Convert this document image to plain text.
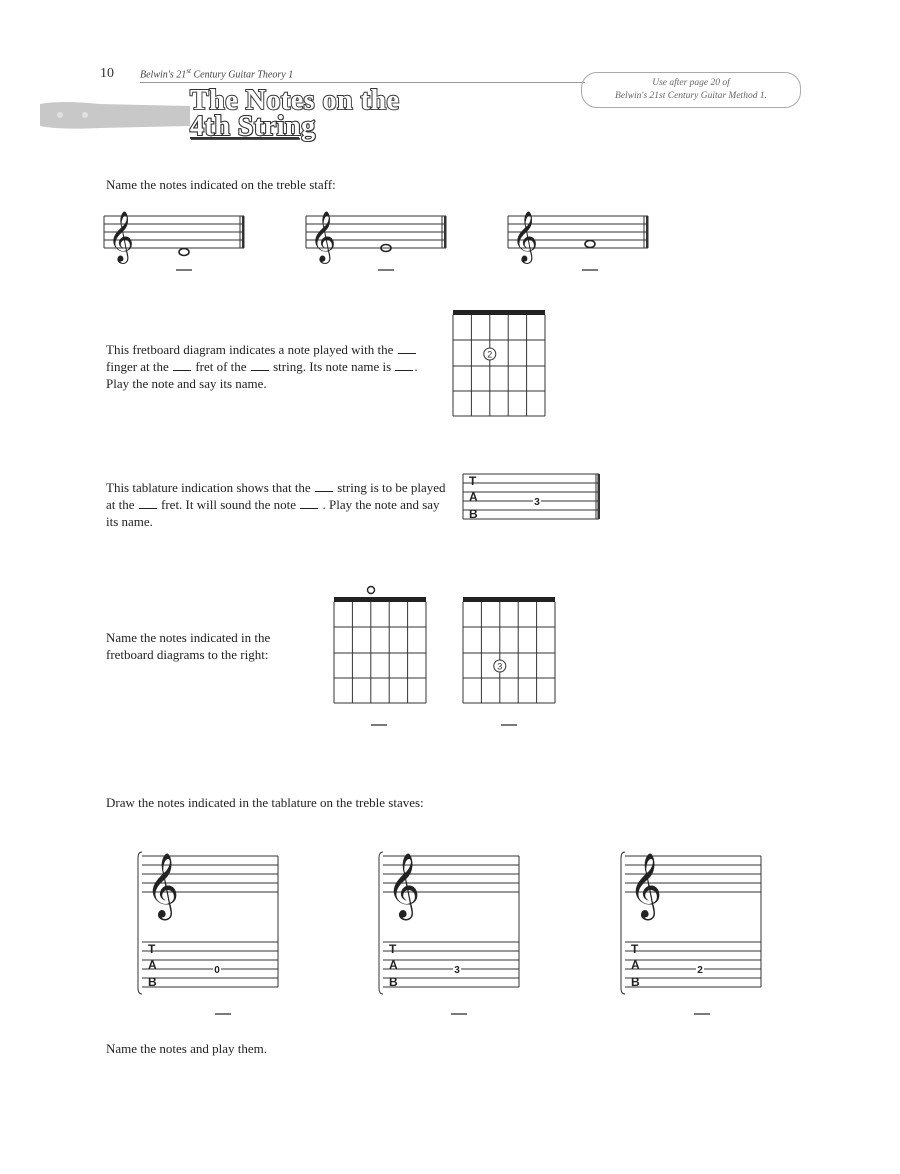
10	Belwin's 21st Century Guitar Theory 1
Use after page 20 of
Belwin's 21st Century Guitar Method 1.
The Notes on the
4th String
Name the notes indicated on the treble staff:
𝄞	𝄞	𝄞
This fretboard diagram indicates a note played with the  finger at the fret of the string. Its note name is . Play the note and say its name.
2
This tablature indication shows that the string is to be played at the fret. It will sound the note . Play the note and say its name.
T
A
B
3
Name the notes indicated in the fretboard diagrams to the right:
3
Draw the notes indicated in the tablature on the treble staves:
𝄞
T
A
B
0
𝄞
T
A
B
3
𝄞
T
A
B
2
Name the notes and play them.
